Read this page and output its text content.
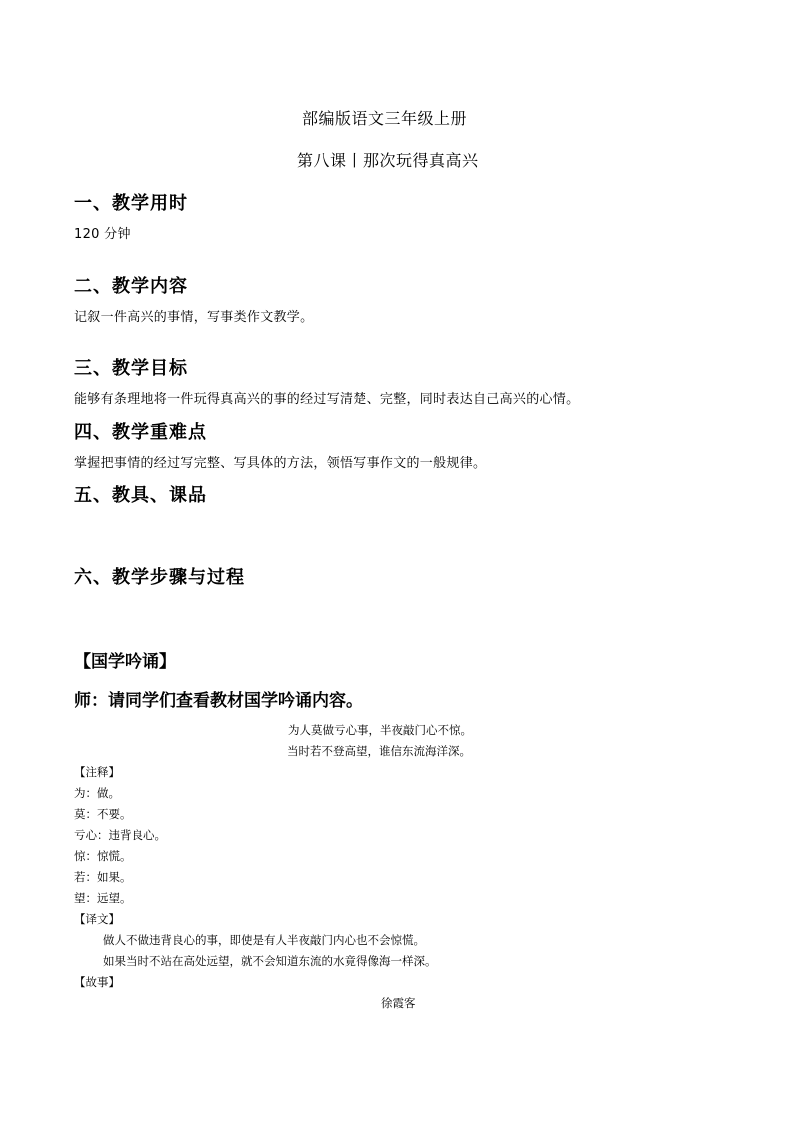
部编版语文三年级上册
第八课丨那次玩得真高兴
一、教学用时
120 分钟
二、教学内容
记叙一件高兴的事情，写事类作文教学。
三、教学目标
能够有条理地将一件玩得真高兴的事的经过写清楚、完整，同时表达自己高兴的心情。
四、教学重难点
掌握把事情的经过写完整、写具体的方法，领悟写事作文的一般规律。
五、教具、课品
六、教学步骤与过程
【国学吟诵】
师：请同学们查看教材国学吟诵内容。
为人莫做亏心事，半夜敲门心不惊。
当时若不登高望，谁信东流海洋深。
【注释】
为：做。
莫：不要。
亏心：违背良心。
惊：惊慌。
若：如果。
望：远望。
【译文】
做人不做违背良心的事，即使是有人半夜敲门内心也不会惊慌。
如果当时不站在高处远望，就不会知道东流的水竟得像海一样深。
【故事】
徐霞客
